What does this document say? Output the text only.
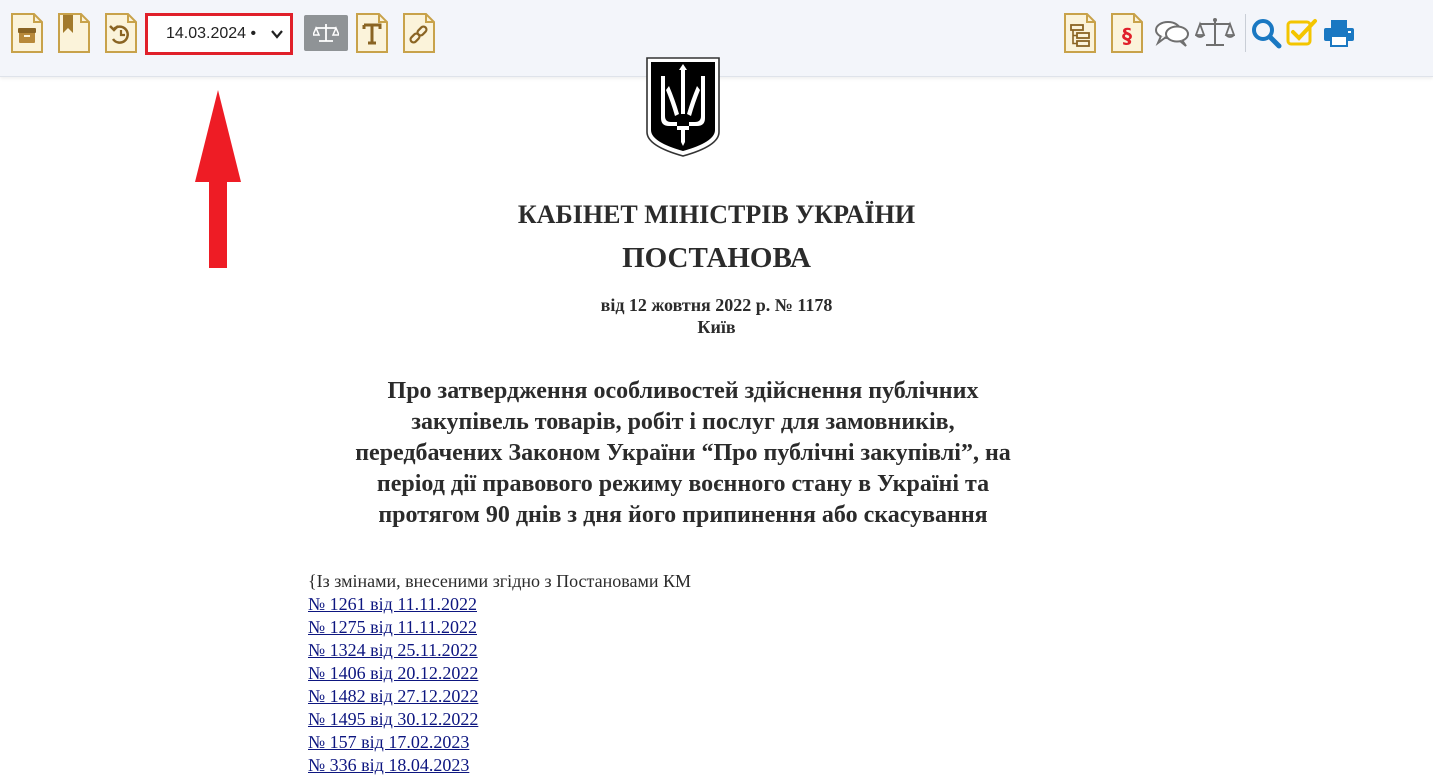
14.03.2024 •	§
КАБІНЕТ МІНІСТРІВ УКРАЇНИ
ПОСТАНОВА
від 12 жовтня 2022 р. № 1178
Київ
Про затвердження особливостей здійснення публічних
закупівель товарів, робіт і послуг для замовників,
передбачених Законом України “Про публічні закупівлі”, на
період дії правового режиму воєнного стану в Україні та
протягом 90 днів з дня його припинення або скасування
{Із змінами, внесеними згідно з Постановами КМ
№ 1261 від 11.11.2022
№ 1275 від 11.11.2022
№ 1324 від 25.11.2022
№ 1406 від 20.12.2022
№ 1482 від 27.12.2022
№ 1495 від 30.12.2022
№ 157 від 17.02.2023
№ 336 від 18.04.2023
